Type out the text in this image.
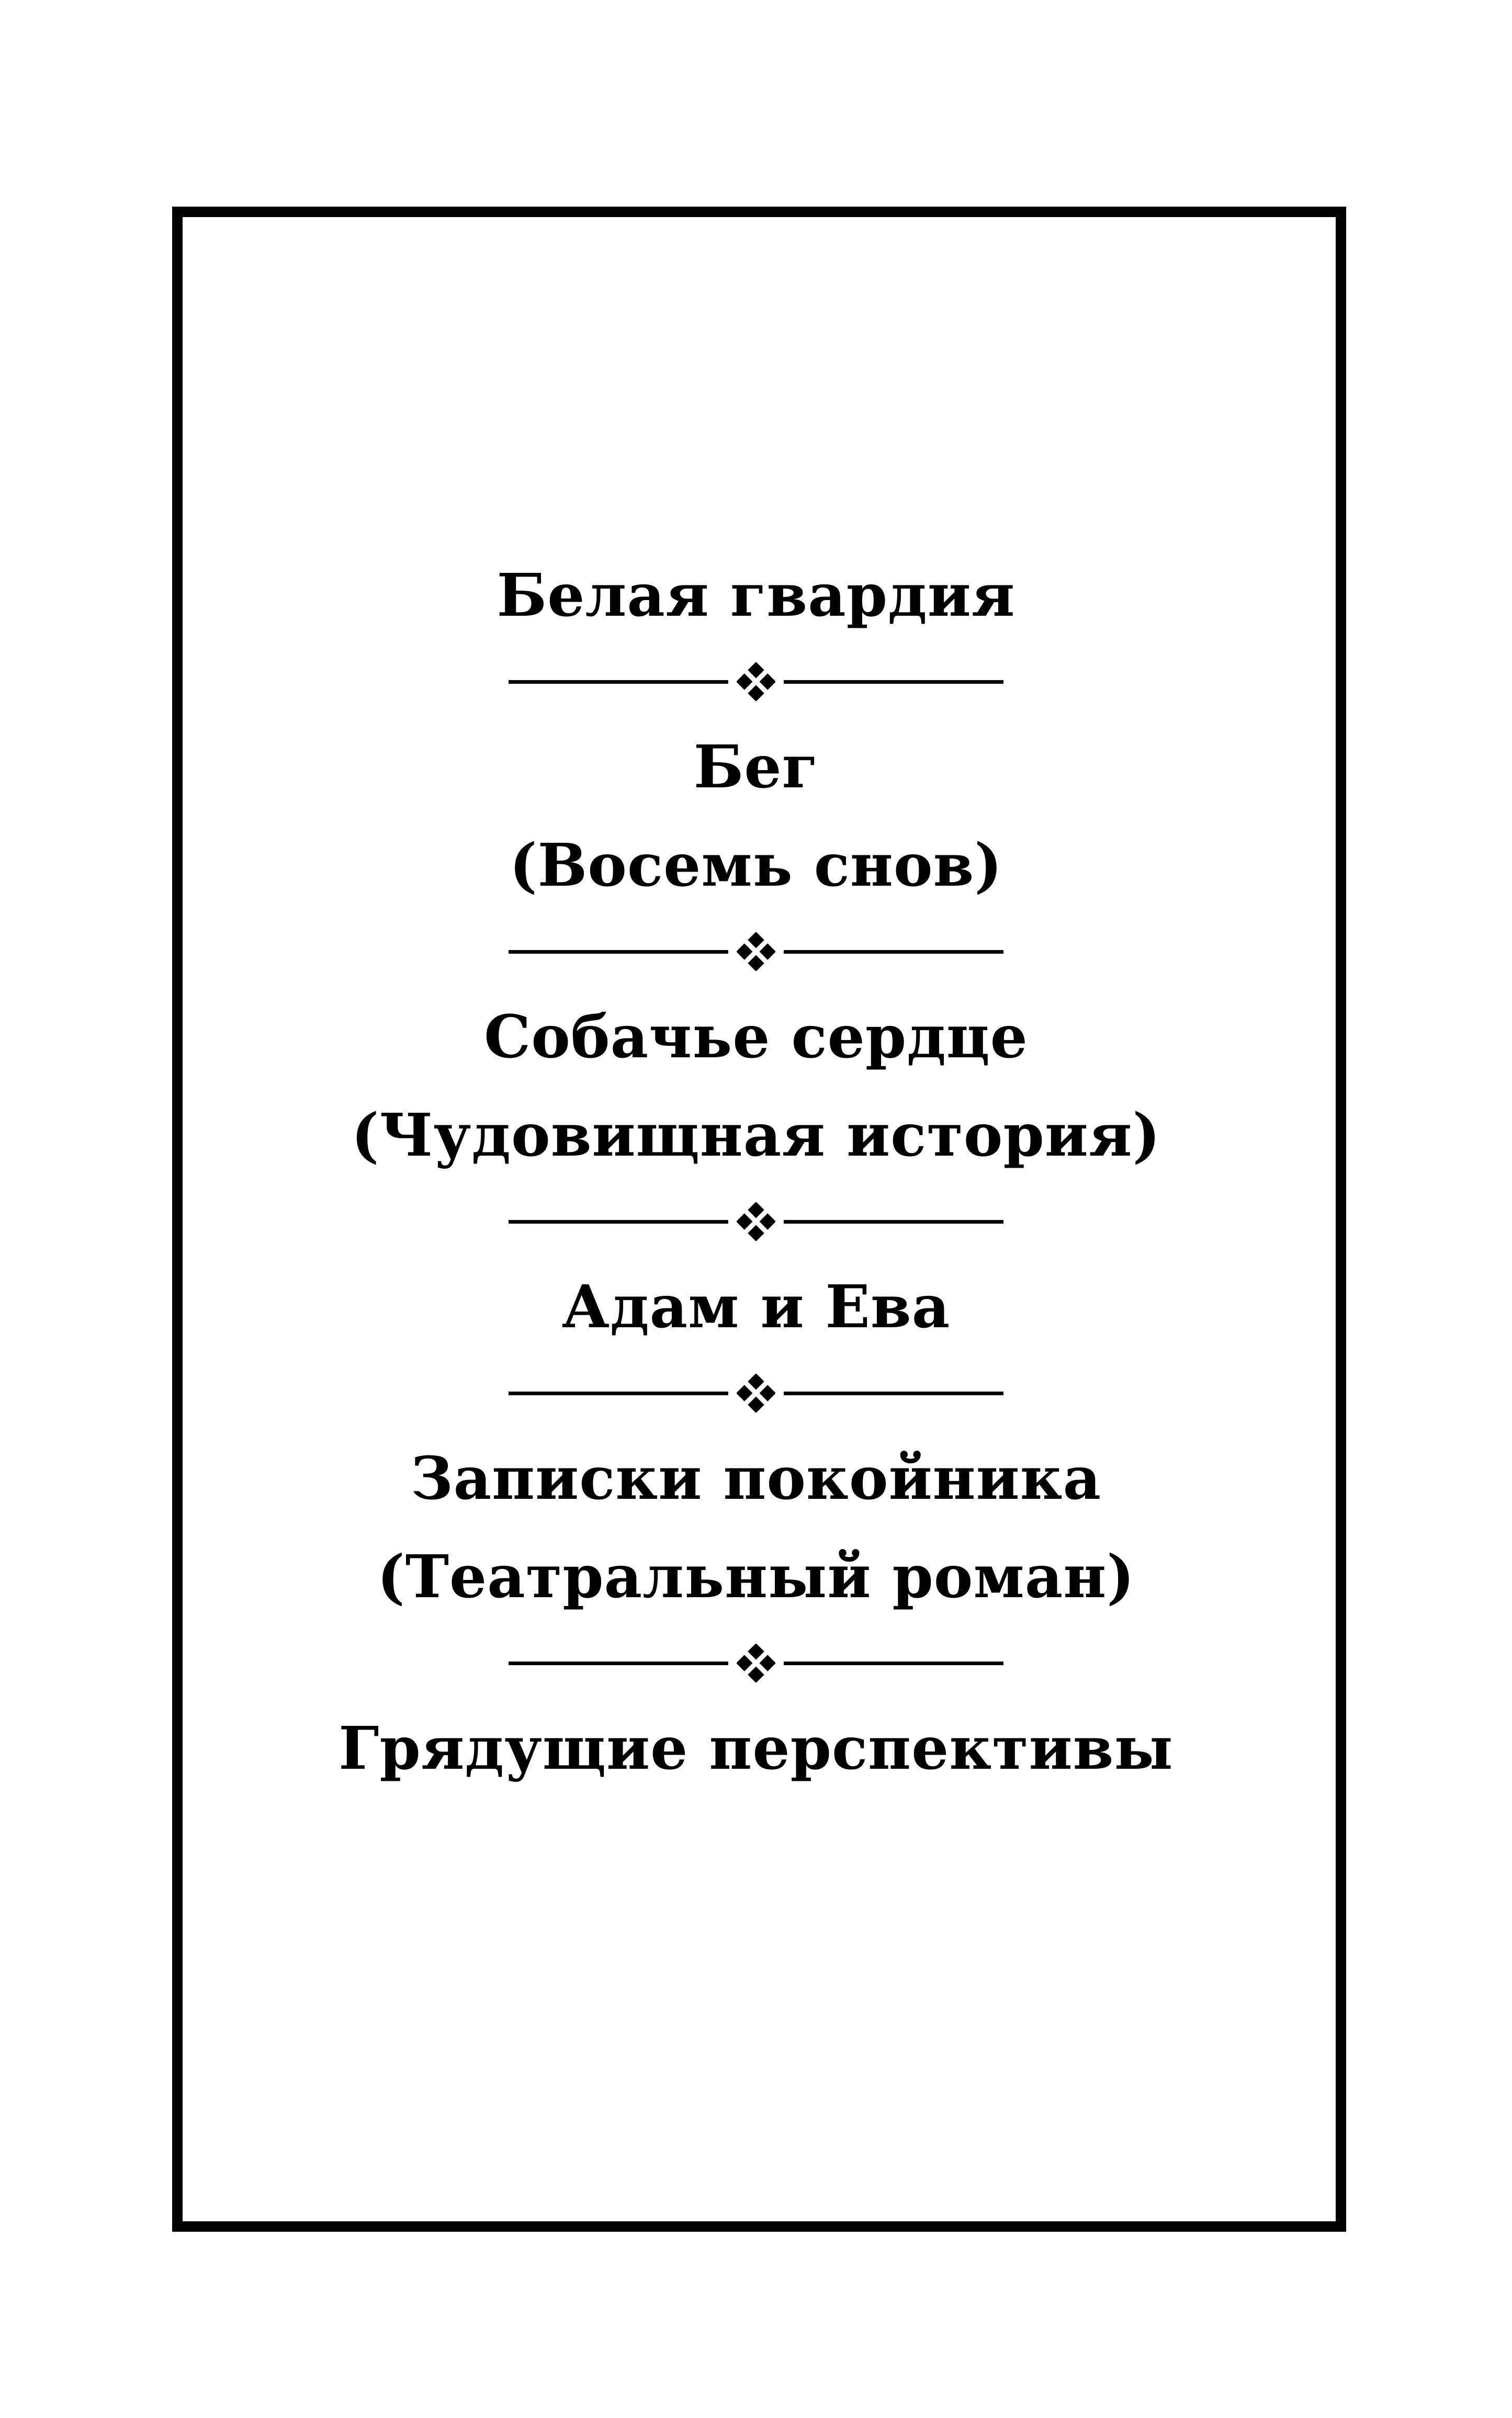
Белая гвардия
Бег
(Восемь снов)
Собачье сердце
(Чудовищная история)
Адам и Ева
Записки покойника
(Театральный роман)
Грядущие перспективы
